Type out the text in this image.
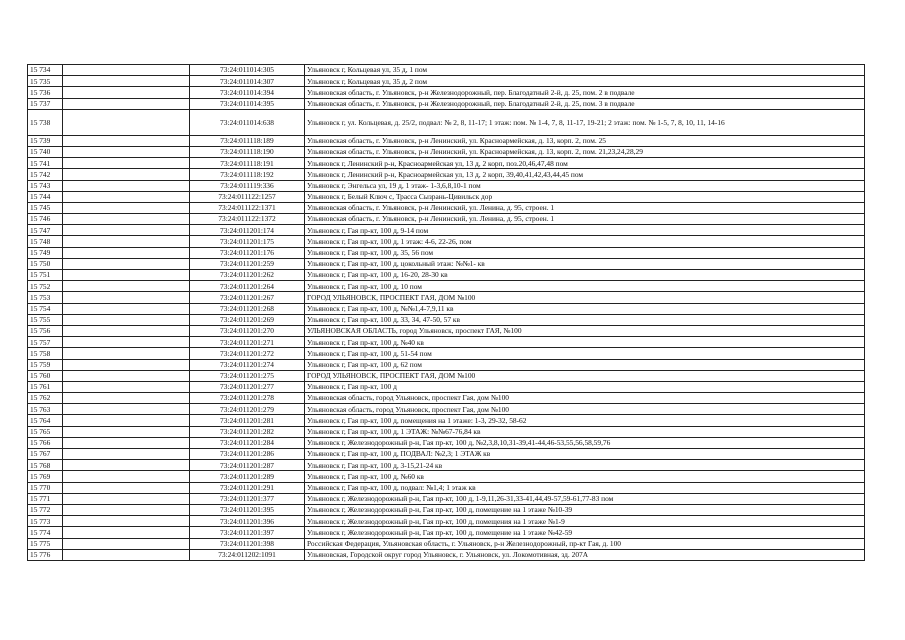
15 734		73:24:011014:305	Ульяновск г, Кольцевая ул, 35 д, 1 пом
15 735		73:24:011014:307	Ульяновск г, Кольцевая ул, 35 д, 2 пом
15 736		73:24:011014:394	Ульяновская область, г. Ульяновск, р-н Железнодорожный, пер. Благодатный 2-й, д. 25, пом. 2 в подвале
15 737		73:24:011014:395	Ульяновская область, г. Ульяновск, р-н Железнодорожный, пер. Благодатный 2-й, д. 25, пом. 3 в подвале
15 738		73:24:011014:638	Ульяновск г, ул. Кольцевая, д. 25/2, подвал: № 2, 8, 11-17; 1 этаж: пом. № 1-4, 7, 8, 11-17, 19-21; 2 этаж: пом. № 1-5, 7, 8, 10, 11, 14-16
15 739		73:24:011118:189	Ульяновская область, г. Ульяновск, р-н Ленинский, ул. Красноармейская, д. 13, корп. 2, пом. 25
15 740		73:24:011118:190	Ульяновская область, г. Ульяновск, р-н Ленинский, ул. Красноармейская, д. 13, корп. 2, пом. 21,23,24,28,29
15 741		73:24:011118:191	Ульяновск г, Ленинский р-н, Красноармейская ул, 13 д, 2 корп, поз.20,46,47,48 пом
15 742		73:24:011118:192	Ульяновск г, Ленинский р-н, Красноармейская ул, 13 д, 2 корп, 39,40,41,42,43,44,45 пом
15 743		73:24:011119:336	Ульяновск г, Энгельса ул, 19 д, 1 этаж- 1-3,6,8,10-1 пом
15 744		73:24:011122:1257	Ульяновск г, Белый Ключ с, Трасса Сызрань-Цивильск дор
15 745		73:24:011122:1371	Ульяновская область, г. Ульяновск, р-н Ленинский, ул. Ленина, д. 95, строен. 1
15 746		73:24:011122:1372	Ульяновская область, г. Ульяновск, р-н Ленинский, ул. Ленина, д. 95, строен. 1
15 747		73:24:011201:174	Ульяновск г, Гая пр-кт, 100 д, 9-14 пом
15 748		73:24:011201:175	Ульяновск г, Гая пр-кт, 100 д, 1 этаж: 4-6, 22-26, пом
15 749		73:24:011201:176	Ульяновск г, Гая пр-кт, 100 д, 35, 56 пом
15 750		73:24:011201:259	Ульяновск г, Гая пр-кт, 100 д, цокольный этаж: №№1- кв
15 751		73:24:011201:262	Ульяновск г, Гая пр-кт, 100 д, 16-20, 28-30 кв
15 752		73:24:011201:264	Ульяновск г, Гая пр-кт, 100 д, 10 пом
15 753		73:24:011201:267	ГОРОД УЛЬЯНОВСК, ПРОСПЕКТ ГАЯ, ДОМ №100
15 754		73:24:011201:268	Ульяновск г, Гая пр-кт, 100 д, №№1,4-7,9,11 кв
15 755		73:24:011201:269	Ульяновск г, Гая пр-кт, 100 д, 33, 34, 47-50, 57 кв
15 756		73:24:011201:270	УЛЬЯНОВСКАЯ ОБЛАСТЬ, город Ульяновск, проспект ГАЯ, №100
15 757		73:24:011201:271	Ульяновск г, Гая пр-кт, 100 д, №40 кв
15 758		73:24:011201:272	Ульяновск г, Гая пр-кт, 100 д, 51-54 пом
15 759		73:24:011201:274	Ульяновск г, Гая пр-кт, 100 д, 62 пом
15 760		73:24:011201:275	ГОРОД УЛЬЯНОВСК, ПРОСПЕКТ ГАЯ, ДОМ №100
15 761		73:24:011201:277	Ульяновск г, Гая пр-кт, 100 д
15 762		73:24:011201:278	Ульяновская область, город Ульяновск, проспект Гая, дом №100
15 763		73:24:011201:279	Ульяновская область, город Ульяновск, проспект Гая, дом №100
15 764		73:24:011201:281	Ульяновск г, Гая пр-кт, 100 д, помещения на 1 этаже: 1-3, 29-32, 58-62
15 765		73:24:011201:282	Ульяновск г, Гая пр-кт, 100 д, 1 ЭТАЖ: №№67-76,84 кв
15 766		73:24:011201:284	Ульяновск г, Железнодорожный р-н, Гая пр-кт, 100 д, №2,3,8,10,31-39,41-44,46-53,55,56,58,59,76
15 767		73:24:011201:286	Ульяновск г, Гая пр-кт, 100 д, ПОДВАЛ: №2,3; 1 ЭТАЖ кв
15 768		73:24:011201:287	Ульяновск г, Гая пр-кт, 100 д, 3-15,21-24 кв
15 769		73:24:011201:289	Ульяновск г, Гая пр-кт, 100 д, №60 кв
15 770		73:24:011201:291	Ульяновск г, Гая пр-кт, 100 д, подвал: №1,4; 1 этаж кв
15 771		73:24:011201:377	Ульяновск г, Железнодорожный р-н, Гая пр-кт, 100 д, 1-9,11,26-31,33-41,44,49-57,59-61,77-83 пом
15 772		73:24:011201:395	Ульяновск г, Железнодорожный р-н, Гая пр-кт, 100 д, помещение на 1 этаже №10-39
15 773		73:24:011201:396	Ульяновск г, Железнодорожный р-н, Гая пр-кт, 100 д, помещения на 1 этаже №1-9
15 774		73:24:011201:397	Ульяновск г, Железнодорожный р-н, Гая пр-кт, 100 д, помещение на 1 этаже №42-59
15 775		73:24:011201:398	Российская Федерация, Ульяновская область, г. Ульяновск, р-н Железнодорожный, пр-кт Гая, д. 100
15 776		73:24:011202:1091	Ульяновская, Городской округ город Ульяновск, г. Ульяновск, ул. Локомотивная, зд. 207А
